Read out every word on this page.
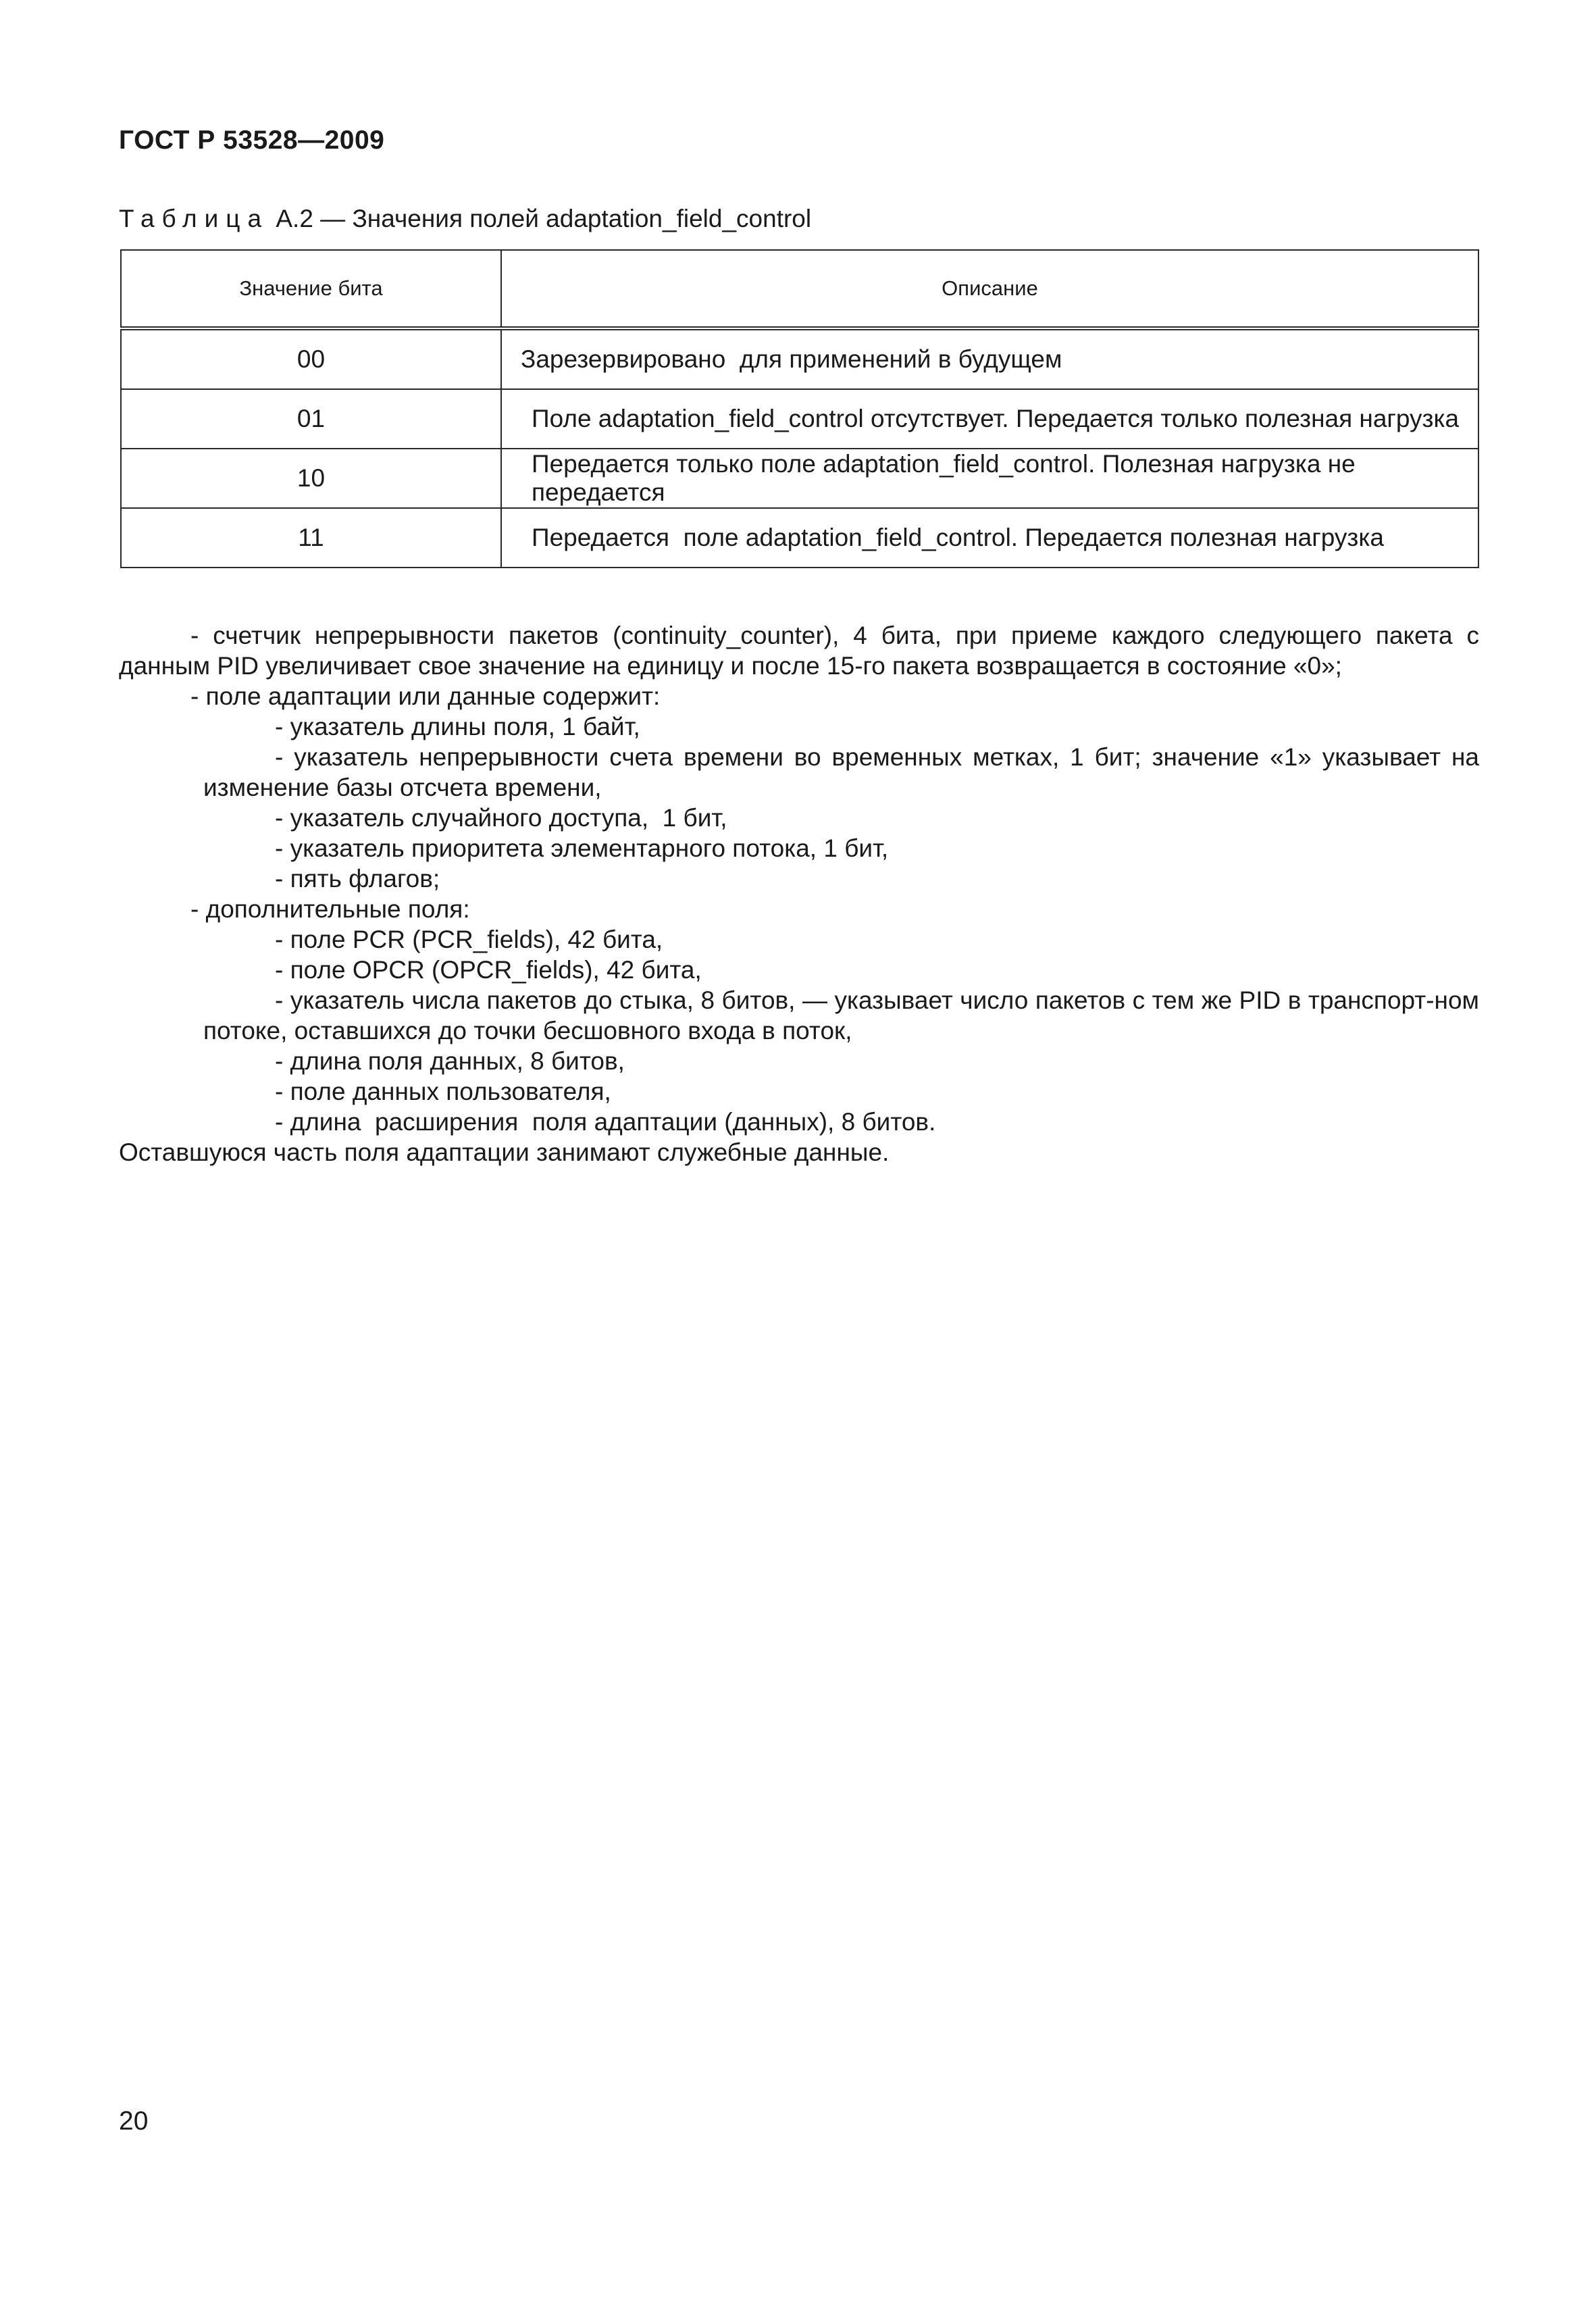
ГОСТ Р 53528—2009
Таблица А.2 — Значения полей adaptation_field_control
Значение бита	Описание
00	Зарезервировано  для применений в будущем
01	Поле adaptation_field_control отсутствует. Передается только полезная нагрузка
10	Передается только поле adaptation_field_control. Полезная нагрузка не передается
11	Передается  поле adaptation_field_control. Передается полезная нагрузка

- счетчик непрерывности пакетов (continuity_counter), 4 бита, при приеме каждого следующего пакета с данным PID увеличивает свое значение на единицу и после 15-го пакета возвращается в состояние «0»;

- поле адаптации или данные содержит:

- указатель длины поля, 1 байт,

- указатель непрерывности счета времени во временных метках, 1 бит; значение «1» указывает на изменение базы отсчета времени,

- указатель случайного доступа,  1 бит,

- указатель приоритета элементарного потока, 1 бит,

- пять флагов;

- дополнительные поля:

- поле PCR (PCR_fields), 42 бита,

- поле OPCR (OPCR_fields), 42 бита,

- указатель числа пакетов до стыка, 8 битов, — указывает число пакетов с тем же PID в транспорт-ном потоке, оставшихся до точки бесшовного входа в поток,

- длина поля данных, 8 битов,

- поле данных пользователя,

- длина  расширения  поля адаптации (данных), 8 битов.

Оставшуюся часть поля адаптации занимают служебные данные.

20
